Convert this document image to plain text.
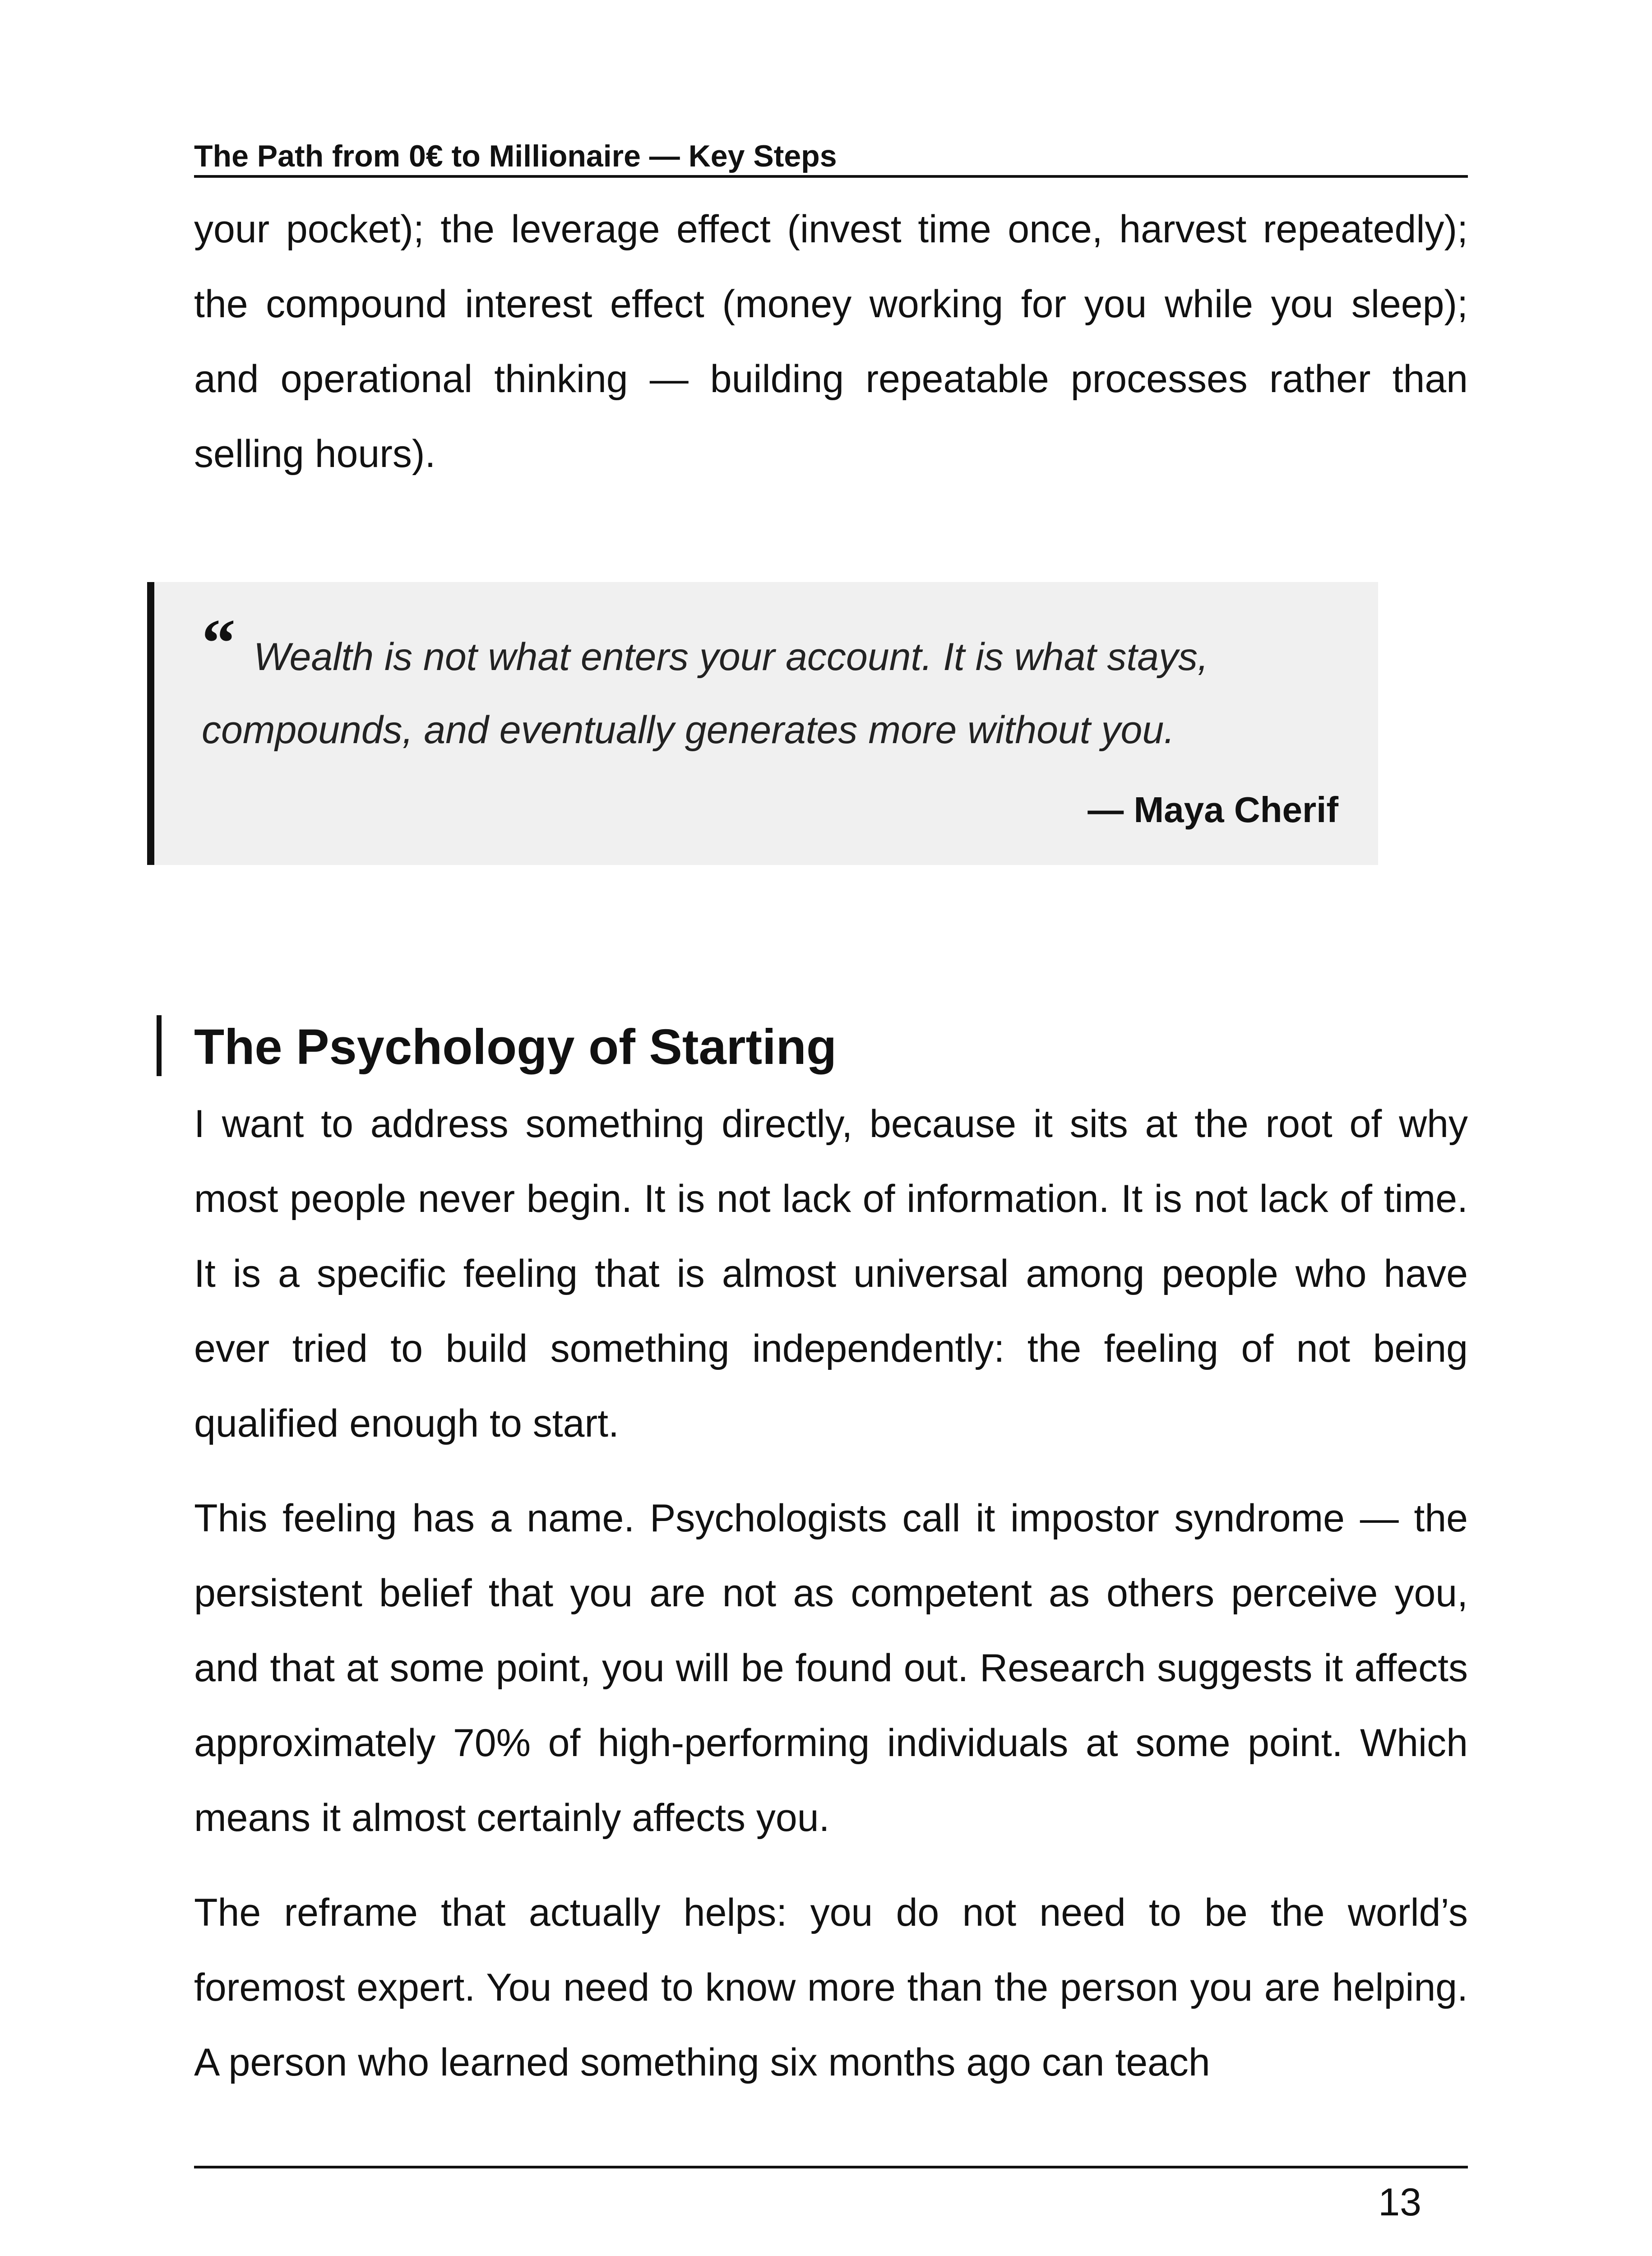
The Path from 0€ to Millionaire — Key Steps

your pocket); the leverage effect (invest time once, harvest repeatedly); the compound interest effect (money working for you while you sleep); and operational thinking — building repeatable processes rather than selling hours).

“ Wealth is not what enters your account. It is what stays, compounds, and eventually generates more without you.

— Maya Cherif
The Psychology of Starting

I want to address something directly, because it sits at the root of why most people never begin. It is not lack of information. It is not lack of time. It is a specific feeling that is almost universal among people who have ever tried to build something independently: the feeling of not being qualified enough to start.

This feeling has a name. Psychologists call it impostor syndrome — the persistent belief that you are not as competent as others perceive you, and that at some point, you will be found out. Research suggests it affects approximately 70% of high-performing individuals at some point. Which means it almost certainly affects you.

The reframe that actually helps: you do not need to be the world’s foremost expert. You need to know more than the person you are helping. A person who learned something six months ago can teach

13
